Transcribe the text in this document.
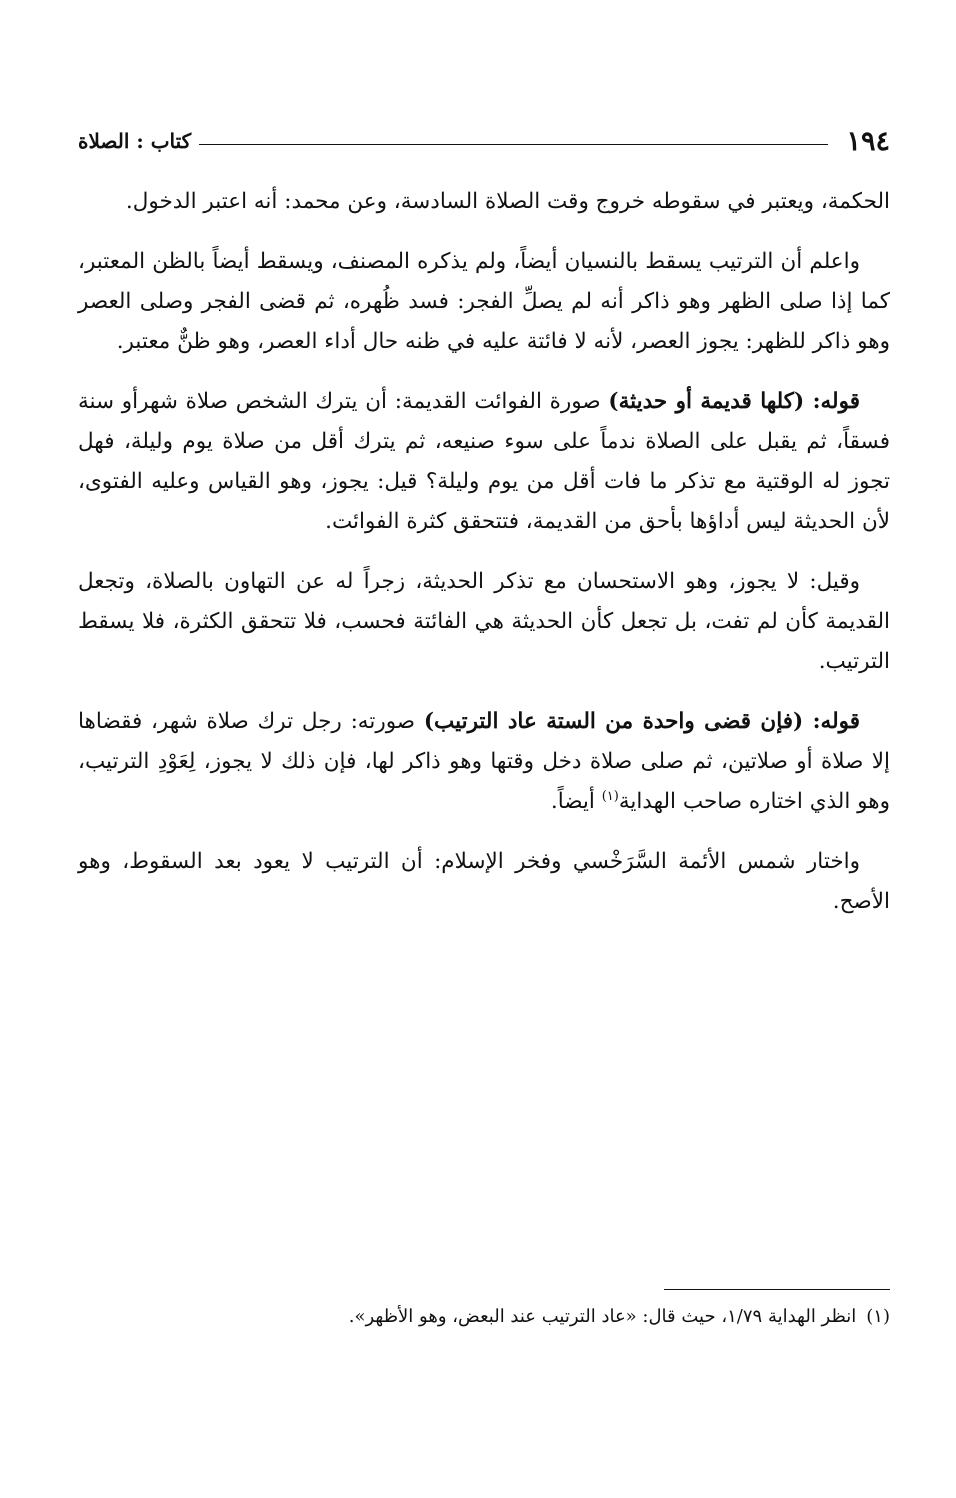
١٩٤
كتاب : الصلاة

الحكمة، ويعتبر في سقوطه خروج وقت الصلاة السادسة، وعن محمد: أنه اعتبر الدخول.

واعلم أن الترتيب يسقط بالنسيان أيضاً، ولم يذكره المصنف، ويسقط أيضاً بالظن المعتبر، كما إذا صلى الظهر وهو ذاكر أنه لم يصلِّ الفجر: فسد ظُهره، ثم قضى الفجر وصلى العصر وهو ذاكر للظهر: يجوز العصر، لأنه لا فائتة عليه في ظنه حال أداء العصر، وهو ظنٌّ معتبر.

قوله: (كلها قديمة أو حديثة) صورة الفوائت القديمة: أن يترك الشخص صلاة شهرأو سنة فسقاً، ثم يقبل على الصلاة ندماً على سوء صنيعه، ثم يترك أقل من صلاة يوم وليلة، فهل تجوز له الوقتية مع تذكر ما فات أقل من يوم وليلة؟ قيل: يجوز، وهو القياس وعليه الفتوى، لأن الحديثة ليس أداؤها بأحق من القديمة، فتتحقق كثرة الفوائت.

وقيل: لا يجوز، وهو الاستحسان مع تذكر الحديثة، زجراً له عن التهاون بالصلاة، وتجعل القديمة كأن لم تفت، بل تجعل كأن الحديثة هي الفائتة فحسب، فلا تتحقق الكثرة، فلا يسقط الترتيب.

قوله: (فإن قضى واحدة من الستة عاد الترتيب) صورته: رجل ترك صلاة شهر، فقضاها إلا صلاة أو صلاتين، ثم صلى صلاة دخل وقتها وهو ذاكر لها، فإن ذلك لا يجوز، لِعَوْدِ الترتيب، وهو الذي اختاره صاحب الهداية$^{(١)}$ أيضاً.

واختار شمس الأئمة السَّرَخْسي وفخر الإسلام: أن الترتيب لا يعود بعد السقوط، وهو الأصح.

(١)انظر الهداية ١/٧٩، حيث قال: «عاد الترتيب عند البعض، وهو الأظهر».
